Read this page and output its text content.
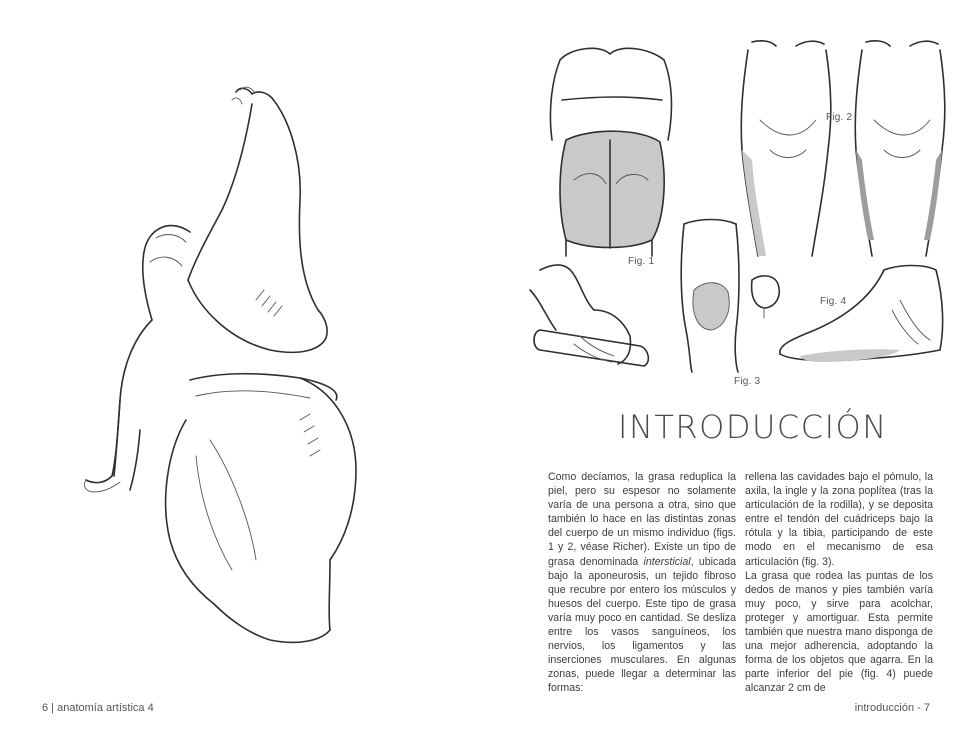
Fig. 1
Fig. 2
Fig. 3
Fig. 4
INTRODUCCIÓN

Como decíamos, la grasa reduplica la piel, pero su espesor no solamente varía de una persona a otra, sino que también lo hace en las distintas zonas del cuerpo de un mismo individuo (figs. 1 y 2, véase Richer). Existe un tipo de grasa denominada intersticial, ubicada bajo la aponeurosis, un tejido fibroso que recubre por entero los músculos y huesos del cuerpo. Este tipo de grasa varía muy poco en cantidad. Se desliza entre los vasos sanguíneos, los nervios, los ligamentos y las inserciones musculares. En algunas zonas, puede llegar a determinar las formas:

rellena las cavidades bajo el pómulo, la axila, la ingle y la zona poplítea (tras la articulación de la rodilla), y se deposita entre el tendón del cuádriceps bajo la rótula y la tibia, participando de este modo en el mecanismo de esa articulación (fig. 3).

La grasa que rodea las puntas de los dedos de manos y pies también varía muy poco, y sirve para acolchar, proteger y amortiguar. Esta permite también que nuestra mano disponga de una mejor adherencia, adoptando la forma de los objetos que agarra. En la parte inferior del pie (fig. 4) puede alcanzar 2 cm de

6 | anatomía artística 4	introducción - 7
